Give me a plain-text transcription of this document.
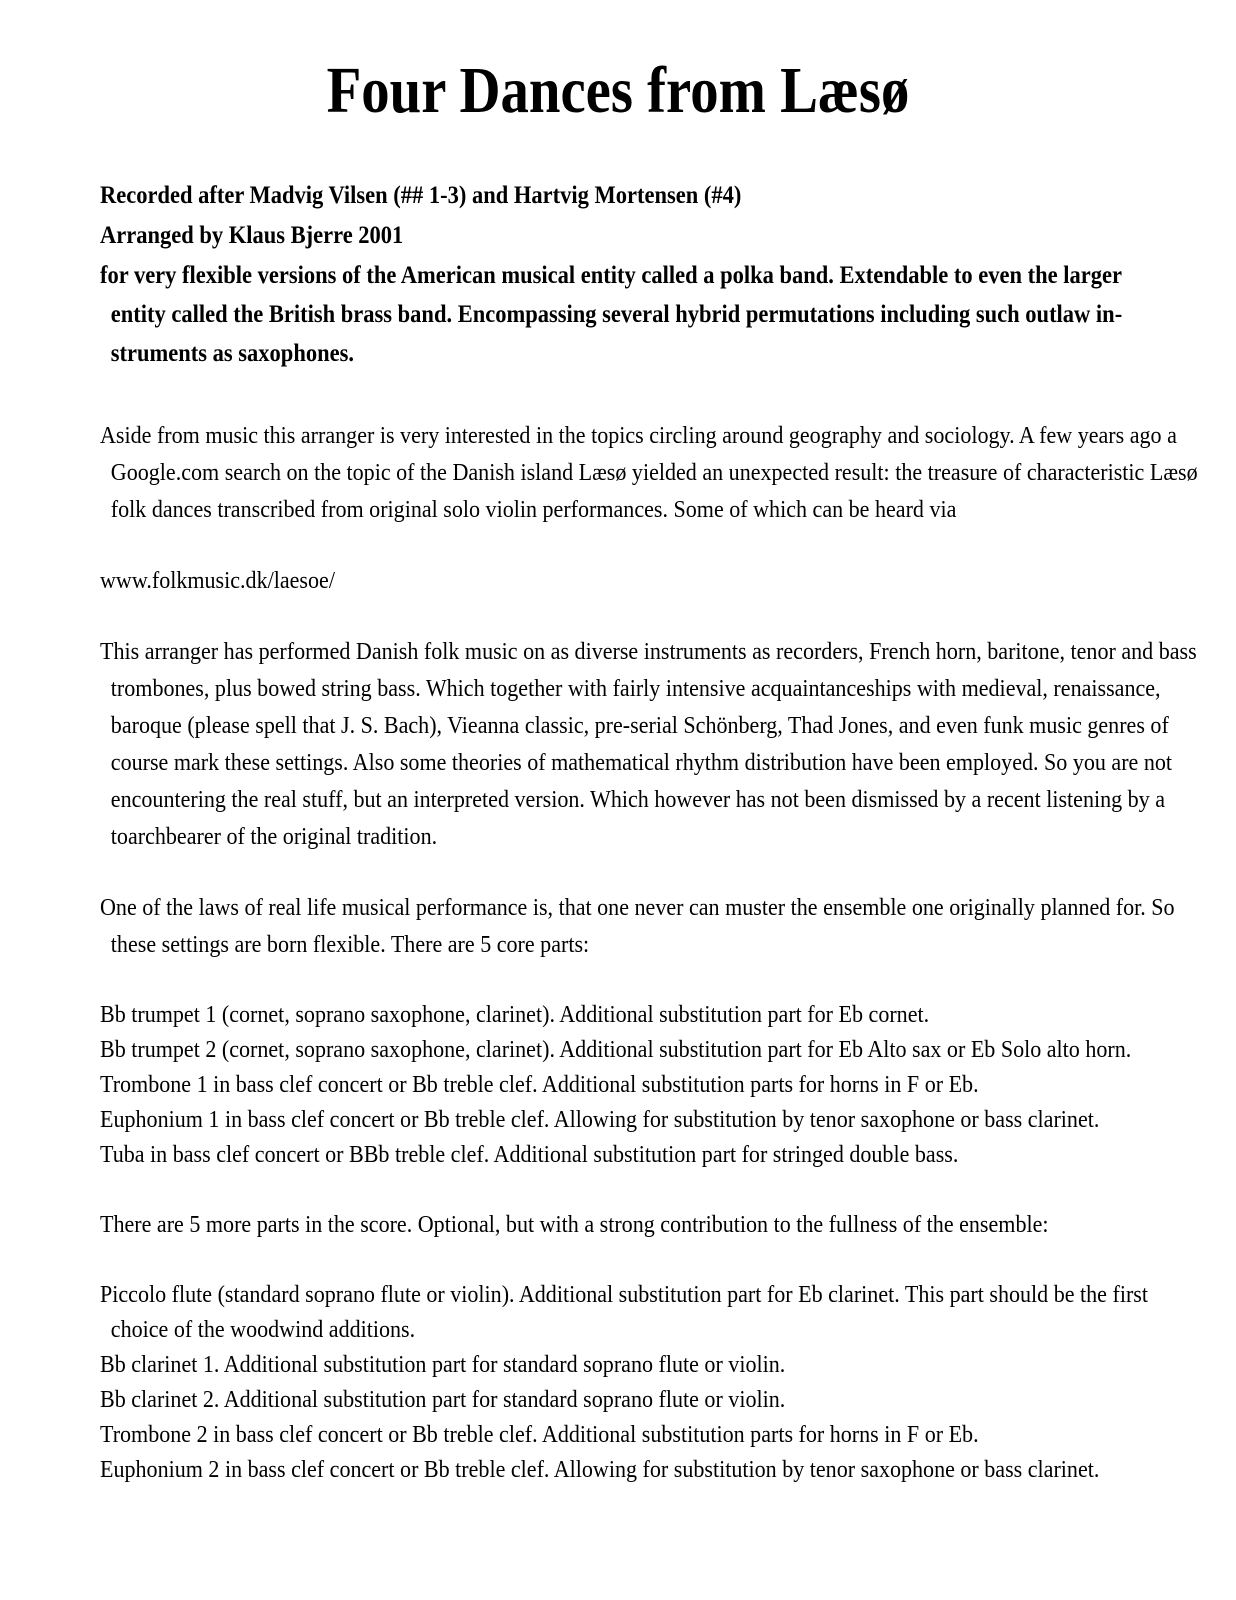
Four Dances from Læsø
Recorded after Madvig Vilsen (## 1-3) and Hartvig Mortensen (#4)
Arranged by Klaus Bjerre 2001
for very flexible versions of the American musical entity called a polka band. Extendable to even the larger
entity called the British brass band. Encompassing several hybrid permutations including such outlaw in-
struments as saxophones.
Aside from music this arranger is very interested in the topics circling around geography and sociology. A few years ago a
Google.com search on the topic of the Danish island Læsø yielded an unexpected result: the treasure of characteristic Læsø
folk dances transcribed from original solo violin performances. Some of which can be heard via
www.folkmusic.dk/laesoe/
This arranger has performed Danish folk music on as diverse instruments as recorders, French horn, baritone, tenor and bass
trombones, plus bowed string bass. Which together with fairly intensive acquaintanceships with medieval, renaissance,
baroque (please spell that J. S. Bach), Vieanna classic, pre-serial Schönberg, Thad Jones, and even funk music genres of
course mark these settings. Also some theories of mathematical rhythm distribution have been employed. So you are not
encountering the real stuff, but an interpreted version. Which however has not been dismissed by a recent listening by a
toarchbearer of the original tradition.
One of the laws of real life musical performance is, that one never can muster the ensemble one originally planned for. So
these settings are born flexible. There are 5 core parts:
Bb trumpet 1 (cornet, soprano saxophone, clarinet). Additional substitution part for Eb cornet.
Bb trumpet 2 (cornet, soprano saxophone, clarinet). Additional substitution part for Eb Alto sax or Eb Solo alto horn.
Trombone 1 in bass clef concert or Bb treble clef. Additional substitution parts for horns in F or Eb.
Euphonium 1 in bass clef concert or Bb treble clef. Allowing for substitution by tenor saxophone or bass clarinet.
Tuba in bass clef concert or BBb treble clef. Additional substitution part for stringed double bass.
There are 5 more parts in the score. Optional, but with a strong contribution to the fullness of the ensemble:
Piccolo flute (standard soprano flute or violin). Additional substitution part for Eb clarinet. This part should be the first
choice of the woodwind additions.
Bb clarinet 1. Additional substitution part for standard soprano flute or violin.
Bb clarinet 2. Additional substitution part for standard soprano flute or violin.
Trombone 2 in bass clef concert or Bb treble clef. Additional substitution parts for horns in F or Eb.
Euphonium 2 in bass clef concert or Bb treble clef. Allowing for substitution by tenor saxophone or bass clarinet.
